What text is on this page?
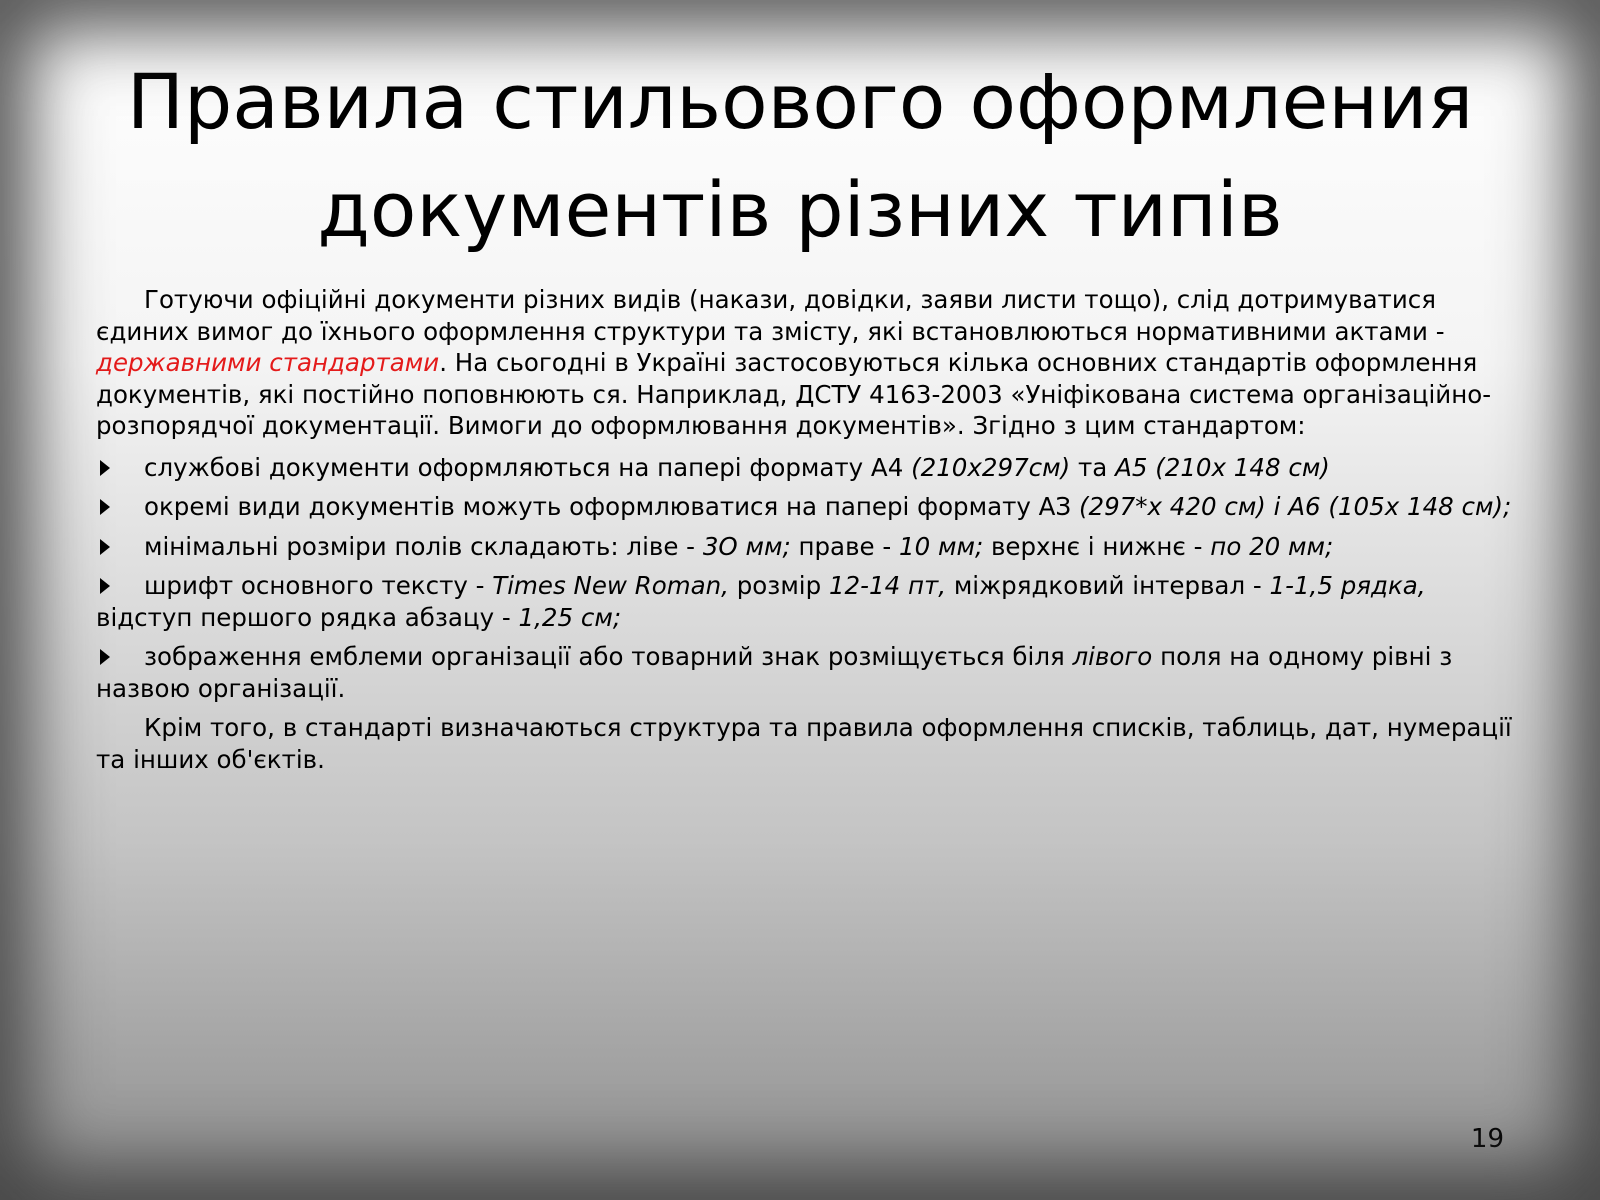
Правила стильового оформления
документів різних типів

Готуючи офіційні документи різних видів (накази, довідки, заяви листи тощо), слід дотримуватися єдиних вимог до їхнього оформлення структури та змісту, які встановлюються нормативними актами - державними стандартами. На сьогодні в Україні застосовуються кілька основних стандартів оформлення документів, які постійно поповнюють ся. Наприклад, ДСТУ 4163-2003 «Уніфікована система організаційно-розпорядчої документації. Вимоги до оформлювання документів». Згідно з цим стандартом:

службові документи оформляються на папері формату А4 (210x297см) та А5 (210х 148 см)
окремі види документів можуть оформлюватися на папері формату АЗ (297*х 420 см) і А6 (105х 148 см);
мінімальні розміри полів складають: ліве - 3О мм; праве - 10 мм; верхнє і нижнє - по 20 мм;
шрифт основного тексту - Times New Roman, розмір 12-14 пт, міжрядковий інтервал - 1-1,5 рядка, відступ першого рядка абзацу - 1,25 см;
зображення емблеми організації або товарний знак розміщується біля лівого поля на одному рівні з назвою організації.

Крім того, в стандарті визначаються структура та правила оформлення списків, таблиць, дат, нумерації та інших об'єктів.

19
